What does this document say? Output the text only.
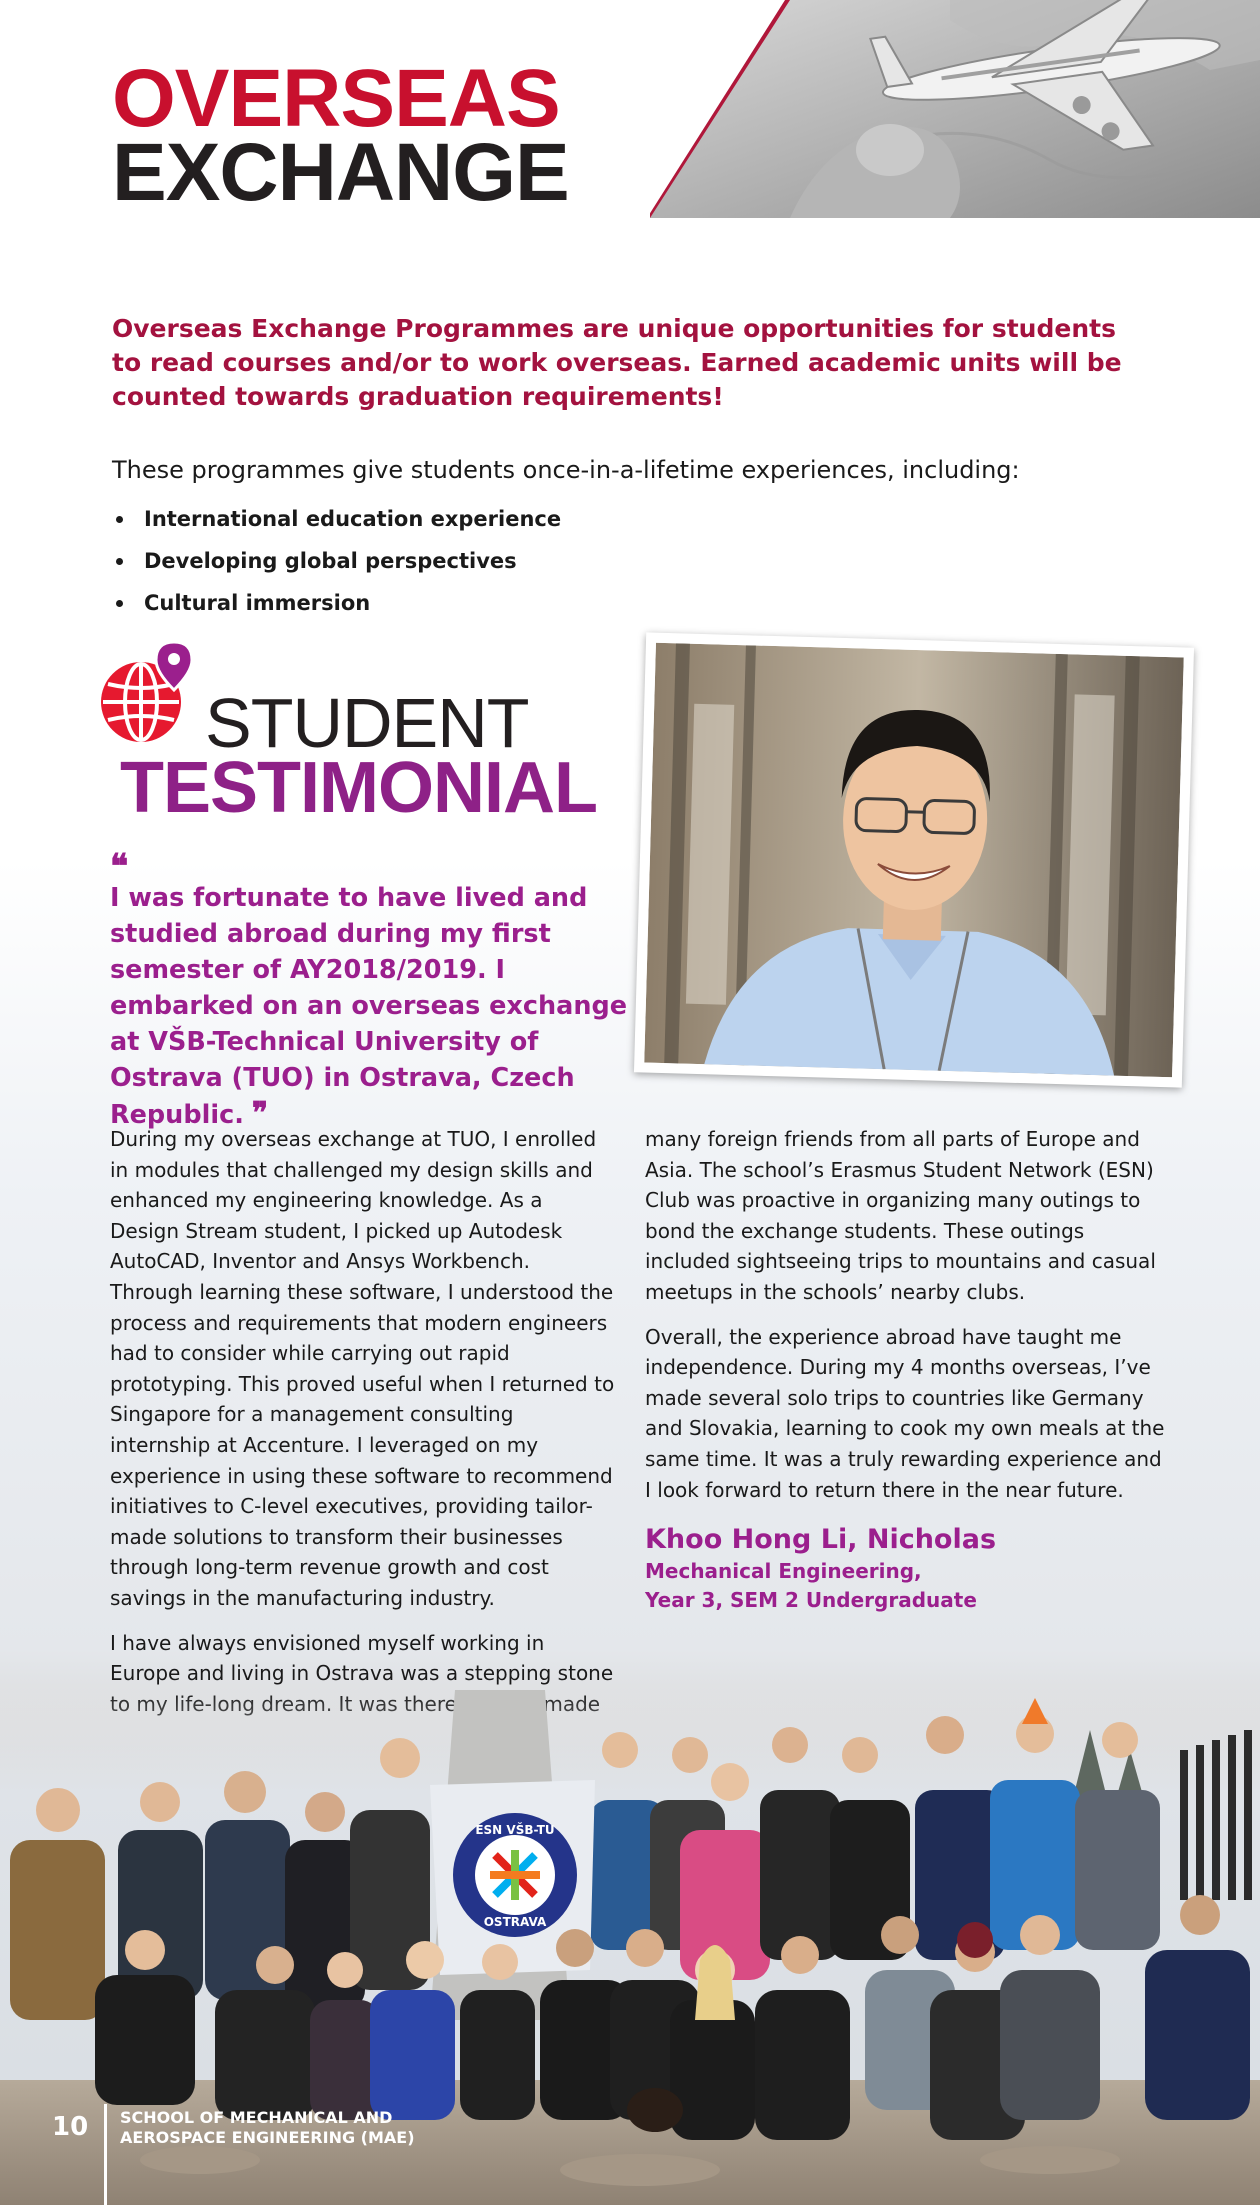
OVERSEAS
EXCHANGE
Overseas Exchange Programmes are unique opportunities for students to read courses and/or to work overseas. Earned academic units will be counted towards graduation requirements!
These programmes give students once-in-a-lifetime experiences, including:
International education experience
Developing global perspectives
Cultural immersion
STUDENT
TESTIMONIAL
❝
I was fortunate to have lived and studied abroad during my first semester of AY2018/2019. I embarked on an overseas exchange at VŠB-Technical University of Ostrava (TUO) in Ostrava, Czech Republic. ❞

During my overseas exchange at TUO, I enrolled in modules that challenged my design skills and enhanced my engineering knowledge. As a Design Stream student, I picked up Autodesk AutoCAD, Inventor and Ansys Workbench. Through learning these software, I understood the process and requirements that modern engineers had to consider while carrying out rapid prototyping. This proved useful when I returned to Singapore for a management consulting internship at Accenture. I leveraged on my experience in using these software to recommend initiatives to C-level executives, providing tailor-made solutions to transform their businesses through long-term revenue growth and cost savings in the manufacturing industry.

I have always envisioned myself working in Europe and living in Ostrava was a stepping stone

many foreign friends from all parts of Europe and Asia. The school’s Erasmus Student Network (ESN) Club was proactive in organizing many outings to bond the exchange students. These outings included sightseeing trips to mountains and casual meetups in the schools’ nearby clubs.

Overall, the experience abroad have taught me independence. During my 4 months overseas, I’ve made several solo trips to countries like Germany and Slovakia, learning to cook my own meals at the same time. It was a truly rewarding experience and I look forward to return there in the near future.

Khoo Hong Li, Nicholas
Mechanical Engineering,
Year 3, SEM 2 Undergraduate
ESN VŠB-TU
OSTRAVA
10 SCHOOL OF MECHANICAL AND
AEROSPACE ENGINEERING (MAE)
